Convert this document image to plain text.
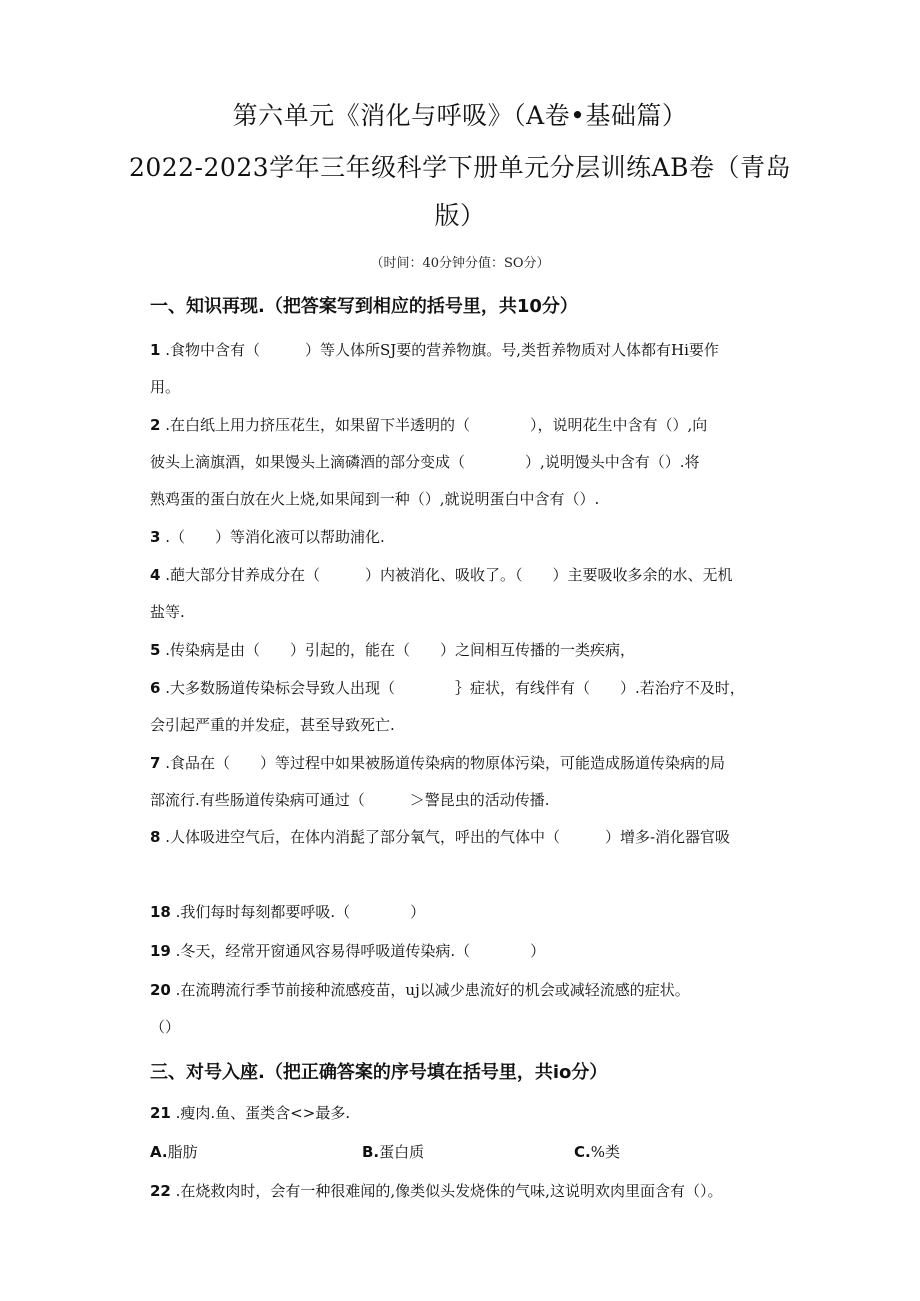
第六单元《消化与呼吸》（A卷•基础篇）
2022-2023学年三年级科学下册单元分层训练AB卷（青岛
版）
（时间：40分钟分值：SO分）
一、知识再现.（把答案写到相应的括号里，共10分）
1 .食物中含有（　　　）等人体所SJ要的营养物旗。号,类哲养物质对人体都有Hi要作
用。
2 .在白纸上用力挤压花生，如果留下半透明的（　　　　），说明花生中含有（）,向
彼头上滴旗酒，如果馒头上滴磷酒的部分变成（　　　　）,说明馒头中含有（）.将
熟鸡蛋的蛋白放在火上烧,如果闻到一种（）,就说明蛋白中含有（）.
3 .（　　）等消化液可以帮助浦化.
4 .葩大部分甘养成分在（　　　）内被消化、吸收了。（　　）主要吸收多余的水、无机
盐等.
5 .传染病是由（　　）引起的，能在（　　）之间相互传播的一类疾病，
6 .大多数肠道传染标会导致人出现（　　　　｝症状，有线伴有（　　）.若治疗不及时，
会引起严重的并发症，甚至导致死亡.
7 .食品在（　　）等过程中如果被肠道传染病的物原体污染，可能造成肠道传染病的局
部流行.有些肠道传染病可通过（　　　＞警昆虫的活动传播.
8 .人体吸进空气后，在体内消髭了部分氧气，呼出的气体中（　　　）增多-消化器官吸
18 .我们每时每刻都要呼吸.（　　　　）
19 .冬天，经常开窗通风容易得呼吸道传染病.（　　　　）
20 .在流聘流行季节前接种流感疫苗，uj以减少患流好的机会或减轻流感的症状。
（）
三、对号入座.（把正确答案的序号填在括号里，共io分）
21 .瘦肉.鱼、蛋类含<>最多.
A.脂肪	B.蛋白质	C.%类
22 .在烧救肉时，会有一种很难闻的,像类似头发烧侏的气味,这说明欢肉里面含有（）。
